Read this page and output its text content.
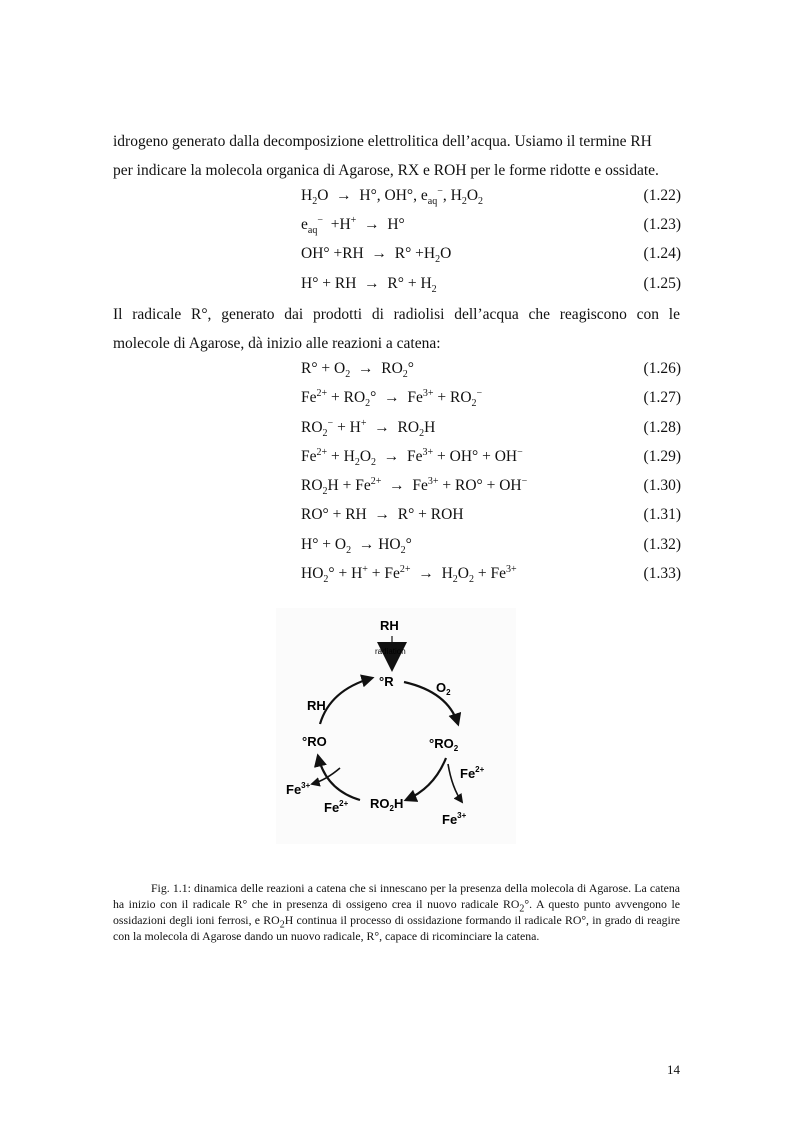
idrogeno generato dalla decomposizione elettrolitica dell’acqua. Usiamo il termine RH
per indicare la molecola organica di Agarose, RX e ROH per le forme ridotte e ossidate.
$H_2O \to H^\circ$, OH°, $e_{aq}^-$, $H_2O_2$	(1.22)
$e_{aq}^- +H^+ \to H^\circ$	(1.23)
$OH^\circ +RH \to R^\circ +H_2O$	(1.24)
H° + RH  →  $R^\circ + H_2$	(1.25)
Il radicale R°, generato dai prodotti di radiolisi dell’acqua che reagiscono con le
molecole di Agarose, dà inizio alle reazioni a catena:
$R^\circ + O_2 \to RO_2^\circ$	(1.26)
$Fe^{2+} + RO_2^\circ \to Fe^{3+} + RO_2^-$	(1.27)
$RO_2^- + H^+ \to RO_2H$	(1.28)
$Fe^{2+} + H_2O_2 \to Fe^{3+} + OH^\circ + OH^-$	(1.29)
$RO_2H + Fe^{2+} \to Fe^{3+} + RO^\circ + OH^-$	(1.30)
RO° + RH  →  R° + ROH	(1.31)
$H^\circ + O_2 \to HO_2^\circ$	(1.32)
$HO_2^\circ + H^+ + Fe^{2+} \to H_2O_2 + Fe^{3+}$	(1.33)
RH
radiation
°R	$O_2$
RH
$^\circ RO_2$
°RO
$Fe^{2+}$
$Fe^{3+}$
$Fe^{2+}$ $RO_2H$
$Fe^{3+}$
Fig. 1.1: dinamica delle reazioni a catena che si innescano per la presenza della molecola di Agarose. La catena ha inizio con il radicale R° che in presenza di ossigeno crea il nuovo radicale $RO_2^\circ$. A questo punto avvengono le ossidazioni degli ioni ferrosi, e $RO_2H$ continua il processo di ossidazione formando il radicale RO°, in grado di reagire con la molecola di Agarose dando un nuovo radicale, R°, capace di ricominciare la catena.
14
